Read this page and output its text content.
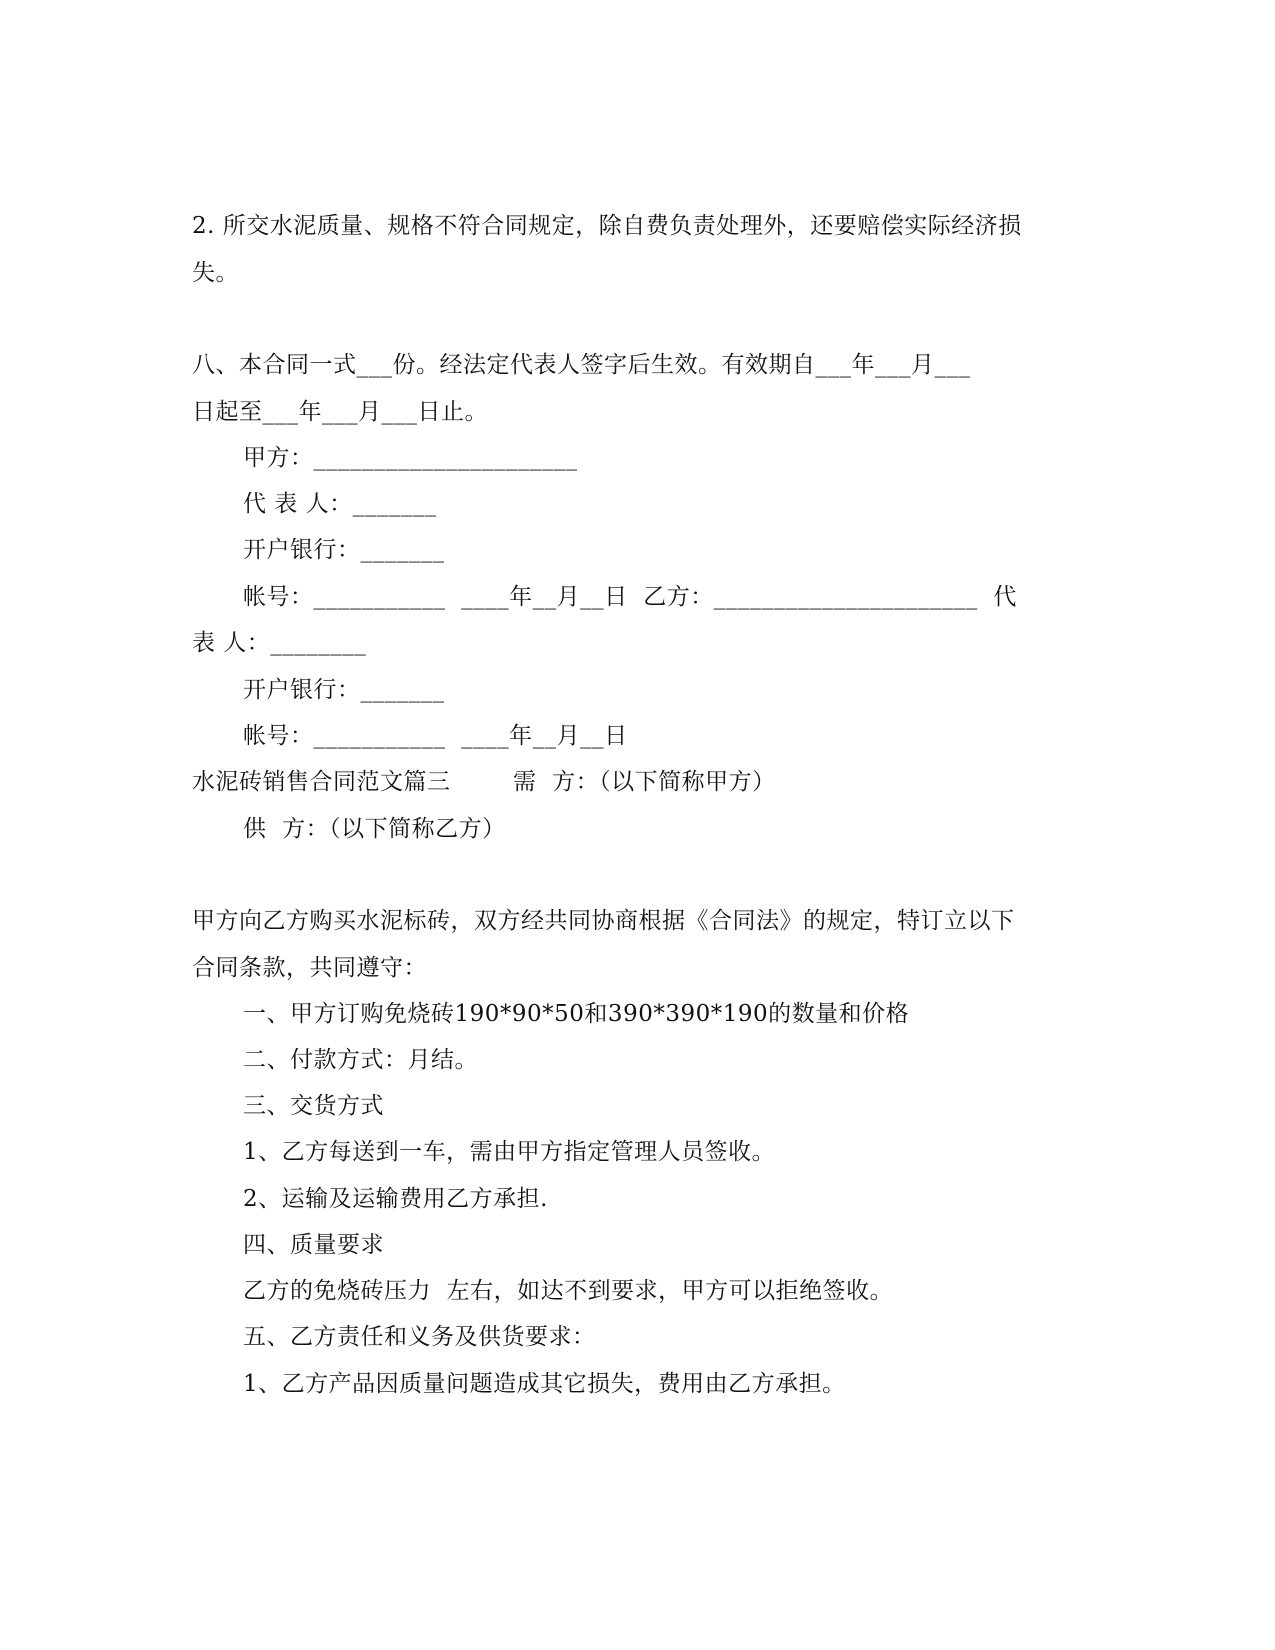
2. 所交水泥质量、规格不符合同规定，除自费负责处理外，还要赔偿实际经济损
失。
八、本合同一式___份。经法定代表人签字后生效。有效期自___年___月___
日起至___年___月___日止。
甲方：______________________
代 表 人：_______
开户银行：_______
帐号：___________  ____年__月__日  乙方：______________________  代
表 人：________
开户银行：_______
帐号：___________  ____年__月__日
水泥砖销售合同范文篇三        需  方：（以下简称甲方）
供  方：（以下简称乙方）
甲方向乙方购买水泥标砖，双方经共同协商根据《合同法》的规定，特订立以下
合同条款，共同遵守：
一、甲方订购免烧砖190*90*50和390*390*190的数量和价格
二、付款方式：月结。
三、交货方式
1、乙方每送到一车，需由甲方指定管理人员签收。
2、运输及运输费用乙方承担.
四、质量要求
乙方的免烧砖压力  左右，如达不到要求，甲方可以拒绝签收。
五、乙方责任和义务及供货要求：
1、乙方产品因质量问题造成其它损失，费用由乙方承担。
